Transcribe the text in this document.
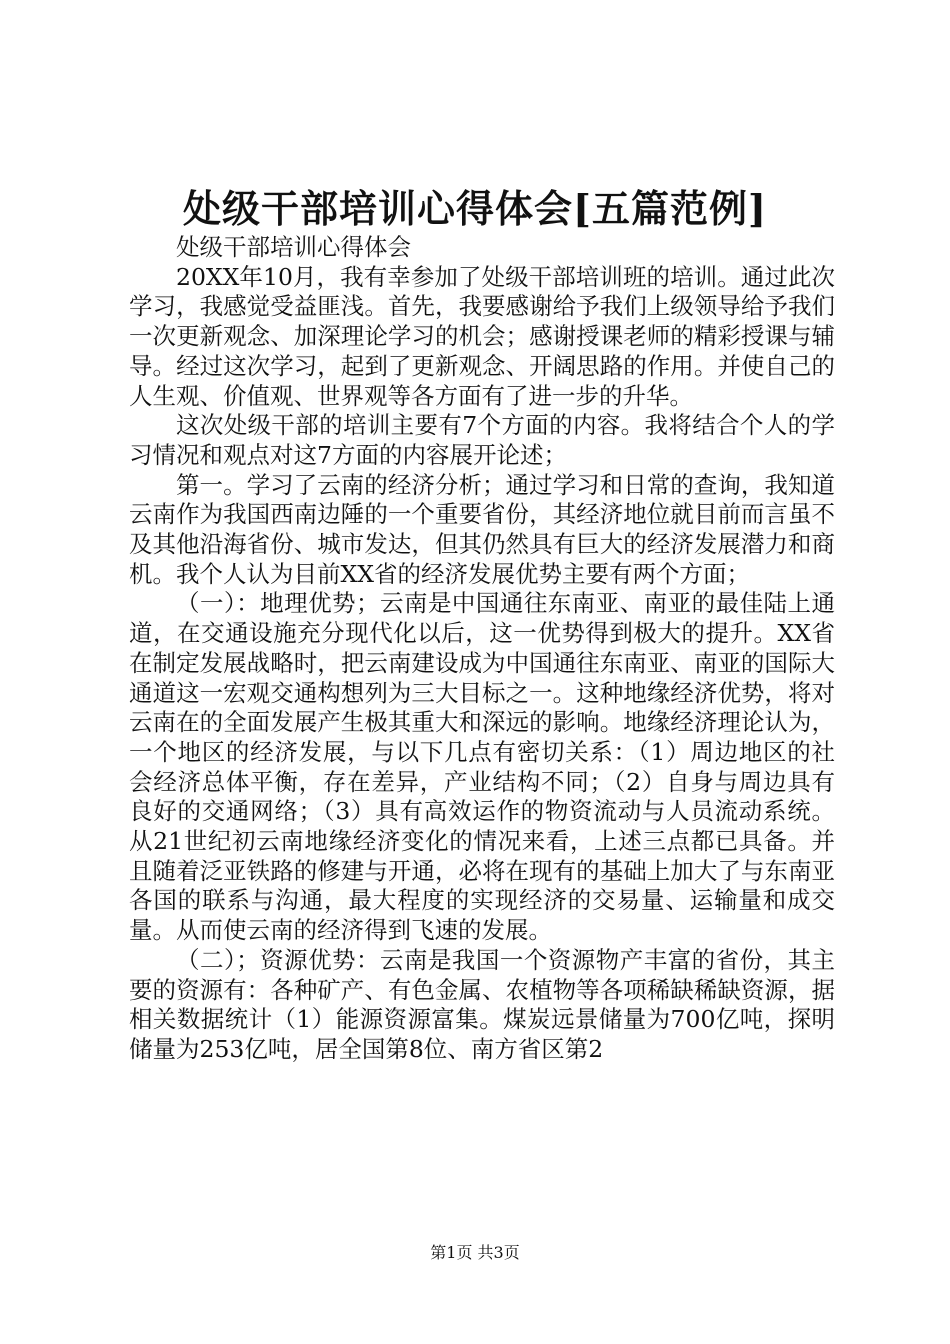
处级干部培训心得体会[五篇范例]

处级干部培训心得体会

20XX年10月，我有幸参加了处级干部培训班的培训。通过此次学习，我感觉受益匪浅。首先，我要感谢给予我们上级领导给予我们一次更新观念、加深理论学习的机会；感谢授课老师的精彩授课与辅导。经过这次学习，起到了更新观念、开阔思路的作用。并使自己的人生观、价值观、世界观等各方面有了进一步的升华。

这次处级干部的培训主要有7个方面的内容。我将结合个人的学习情况和观点对这7方面的内容展开论述；

第一。学习了云南的经济分析；通过学习和日常的查询，我知道云南作为我国西南边陲的一个重要省份，其经济地位就目前而言虽不及其他沿海省份、城市发达，但其仍然具有巨大的经济发展潜力和商机。我个人认为目前XX省的经济发展优势主要有两个方面；

（一）：地理优势；云南是中国通往东南亚、南亚的最佳陆上通道，在交通设施充分现代化以后，这一优势得到极大的提升。XX省在制定发展战略时，把云南建设成为中国通往东南亚、南亚的国际大通道这一宏观交通构想列为三大目标之一。这种地缘经济优势，将对云南在的全面发展产生极其重大和深远的影响。地缘经济理论认为，一个地区的经济发展，与以下几点有密切关系：（1）周边地区的社会经济总体平衡，存在差异，产业结构不同；（2）自身与周边具有良好的交通网络；（3）具有高效运作的物资流动与人员流动系统。从21世纪初云南地缘经济变化的情况来看，上述三点都已具备。并且随着泛亚铁路的修建与开通，必将在现有的基础上加大了与东南亚各国的联系与沟通，最大程度的实现经济的交易量、运输量和成交量。从而使云南的经济得到飞速的发展。

（二）；资源优势：云南是我国一个资源物产丰富的省份，其主要的资源有：各种矿产、有色金属、农植物等各项稀缺稀缺资源，据相关数据统计（1）能源资源富集。煤炭远景储量为700亿吨，探明储量为253亿吨，居全国第8位、南方省区第2

第1页 共3页
